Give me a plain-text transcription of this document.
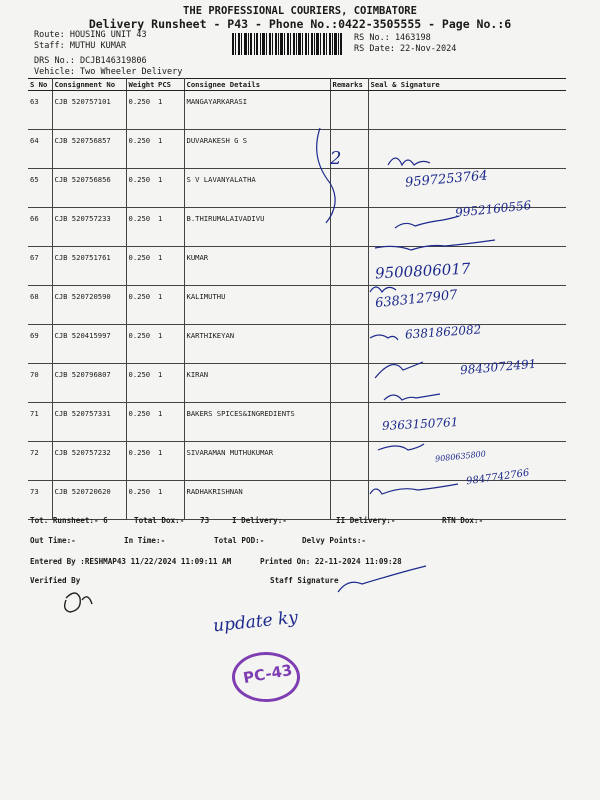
THE PROFESSIONAL COURIERS, COIMBATORE
Delivery Runsheet - P43 - Phone No.:0422-3505555 - Page No.:6
Route: HOUSING UNIT 43
Staff: MUTHU KUMAR
DRS No.: DCJB146319806
Vehicle: Two Wheeler Delivery
RS No.: 1463198
RS Date: 22-Nov-2024
S No	Consignment No	Weight	PCS	Consignee Details	Remarks	Seal & Signature
63	CJB 520757101	0.250	1	MANGAYARKARASI		
64	CJB 520756857	0.250	1	DUVARAKESH G S		
65	CJB 520756856	0.250	1	S V LAVANYALATHA		
66	CJB 520757233	0.250	1	B.THIRUMALAIVADIVU		
67	CJB 520751761	0.250	1	KUMAR		
68	CJB 520720590	0.250	1	KALIMUTHU		
69	CJB 520415997	0.250	1	KARTHIKEYAN		
70	CJB 520796807	0.250	1	KIRAN		
71	CJB 520757331	0.250	1	BAKERS SPICES&INGREDIENTS		
72	CJB 520757232	0.250	1	SIVARAMAN MUTHUKUMAR		
73	CJB 520720620	0.250	1	RADHAKRISHNAN		
2
9597253764
9952160556
9500806017
6383127907
6381862082
9843072491
9363150761
9080635800
9847742766
update ky
PC-43
Tot. Runsheet:- 6	Total Dox:- 73	I Delivery:-	II Delivery:-	RTN Dox:-
Out Time:-	In Time:-	Total POD:-	Delvy Points:-
Entered By :RESHMAP43 11/22/2024 11:09:11 AM	Printed On: 22-11-2024 11:09:28
Verified By	Staff Signature
